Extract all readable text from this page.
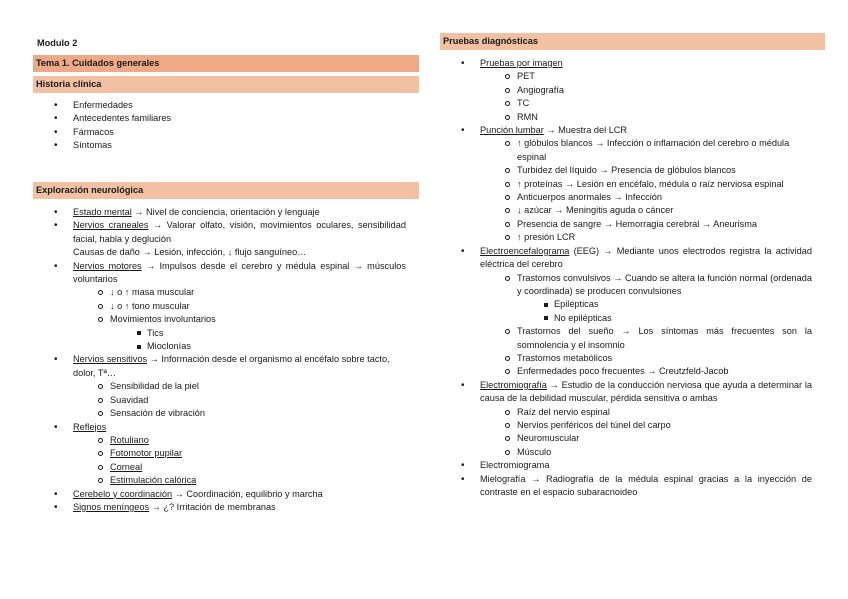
Modulo 2
Tema 1. Cuidados generales
Historia clínica
• Enfermedades
• Antecedentes familiares
• Fármacos
• Síntomas
Exploración neurológica
• Estado mental → Nivel de conciencia, orientación y lenguaje
• Nervios craneales → Valorar olfato, visión, movimientos oculares, sensibilidad facial, habla y deglución
Causas de daño → Lesión, infección, ↓ flujo sanguíneo…
• Nervios motores → Impulsos desde el cerebro y médula espinal → músculos voluntarios
↓ o ↑ masa muscular
↓ o ↑ tono muscular
Movimientos involuntarios
Tics
Mioclonías
• Nervios sensitivos → Información desde el organismo al encéfalo sobre tacto, dolor, Tª…
Sensibilidad de la piel
Suavidad
Sensación de vibración
• Reflejos
Rotuliano
Fotomotor pupilar
Corneal
Estimulación calórica
• Cerebelo y coordinación → Coordinación, equilibrio y marcha
• Signos meníngeos → ¿? Irritación de membranas
Pruebas diagnósticas
• Pruebas por imagen
PET
Angiografía
TC
RMN
• Punción lumbar → Muestra del LCR
↑ glóbulos blancos → Infección o inflamación del cerebro o médula espinal
Turbidez del líquido → Presencia de glóbulos blancos
↑ proteínas → Lesión en encéfalo, médula o raíz nerviosa espinal
Anticuerpos anormales → Infección
↓ azúcar → Meningitis aguda o cáncer
Presencia de sangre → Hemorragia cerebral → Aneurisma
↑ presión LCR
• Electroencefalograma (EEG) → Mediante unos electrodos registra la actividad eléctrica del cerebro
Trastornos convulsivos → Cuando se altera la función normal (ordenada y coordinada) se producen convulsiones
Epilépticas
No epilépticas
Trastornos del sueño → Los síntomas más frecuentes son la somnolencia y el insomnio
Trastornos metabólicos
Enfermedades poco frecuentes → Creutzfeld-Jacob
• Electromiografía → Estudio de la conducción nerviosa que ayuda a determinar la causa de la debilidad muscular, pérdida sensitiva o ambas
Raíz del nervio espinal
Nervios periféricos del túnel del carpo
Neuromuscular
Músculo
• Electromiograma
• Mielografía → Radiografía de la médula espinal gracias a la inyección de contraste en el espacio subaracnoideo
